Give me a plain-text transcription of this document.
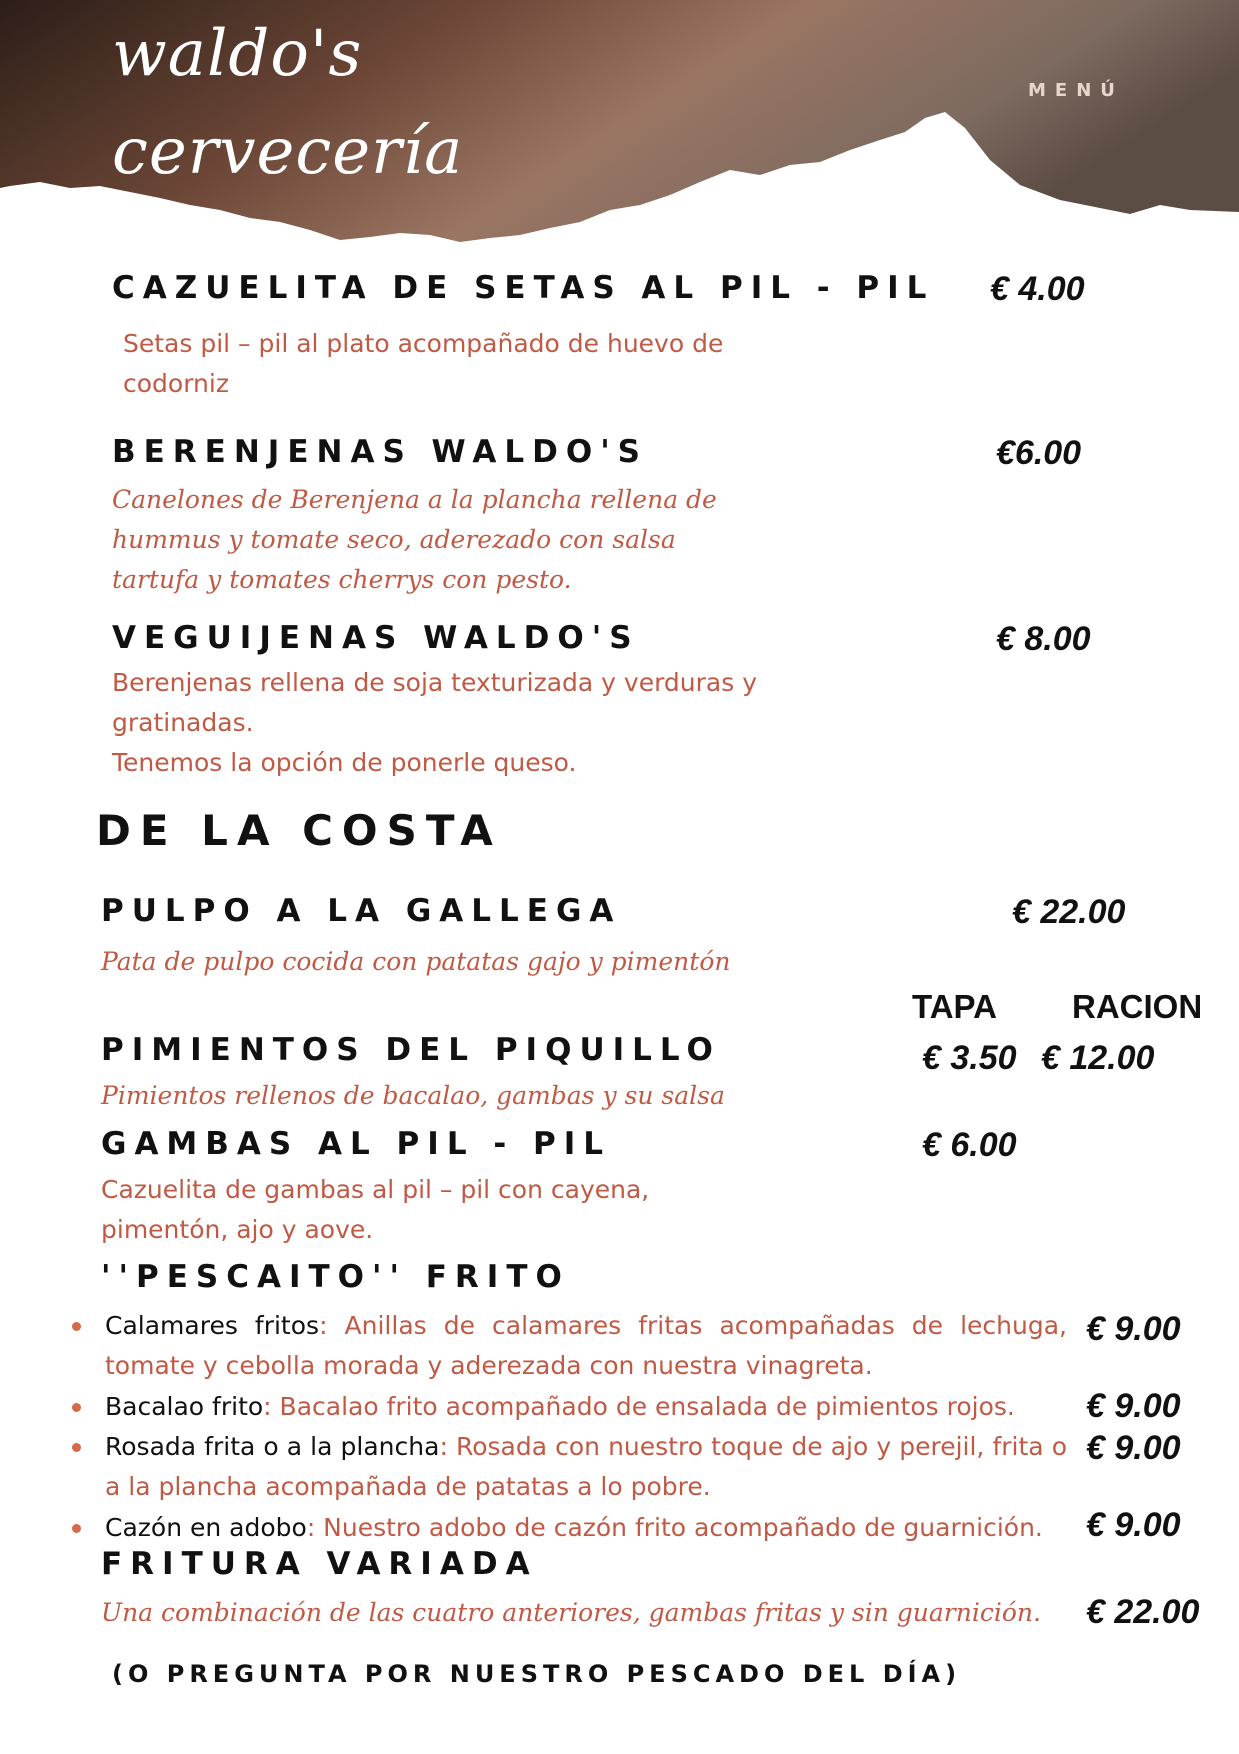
waldo's
cervecería
MENÚ
CAZUELITA DE SETAS AL PIL - PIL € 4.00
Setas pil – pil al plato acompañado de huevo de
codorniz
BERENJENAS WALDO'S	€6.00
Canelones de Berenjena a la plancha rellena de
hummus y tomate seco, aderezado con salsa
tartufa y tomates cherrys con pesto.
VEGUIJENAS WALDO'S	€ 8.00
Berenjenas rellena de soja texturizada y verduras y
gratinadas.
Tenemos la opción de ponerle queso.
DE LA COSTA
PULPO A LA GALLEGA	€ 22.00
Pata de pulpo cocida con patatas gajo y pimentón
TAPA RACION
PIMIENTOS DEL PIQUILLO	€ 3.50 € 12.00
Pimientos rellenos de bacalao, gambas y su salsa
GAMBAS AL PIL - PIL	€ 6.00
Cazuelita de gambas al pil – pil con cayena,
pimentón, ajo y aove.
''PESCAITO'' FRITO
Calamares fritos: Anillas de calamares fritas acompañadas de lechuga, tomate y cebolla morada y aderezada con nuestra vinagreta.
€ 9.00
Bacalao frito: Bacalao frito acompañado de ensalada de pimientos rojos.	€ 9.00
Rosada frita o a la plancha: Rosada con nuestro toque de ajo y perejil, frita o a la plancha acompañada de patatas a lo pobre.
€ 9.00
Cazón en adobo: Nuestro adobo de cazón frito acompañado de guarnición.	€ 9.00
FRITURA VARIADA
Una combinación de las cuatro anteriores, gambas fritas y sin guarnición. € 22.00
(O PREGUNTA POR NUESTRO PESCADO DEL DÍA)
